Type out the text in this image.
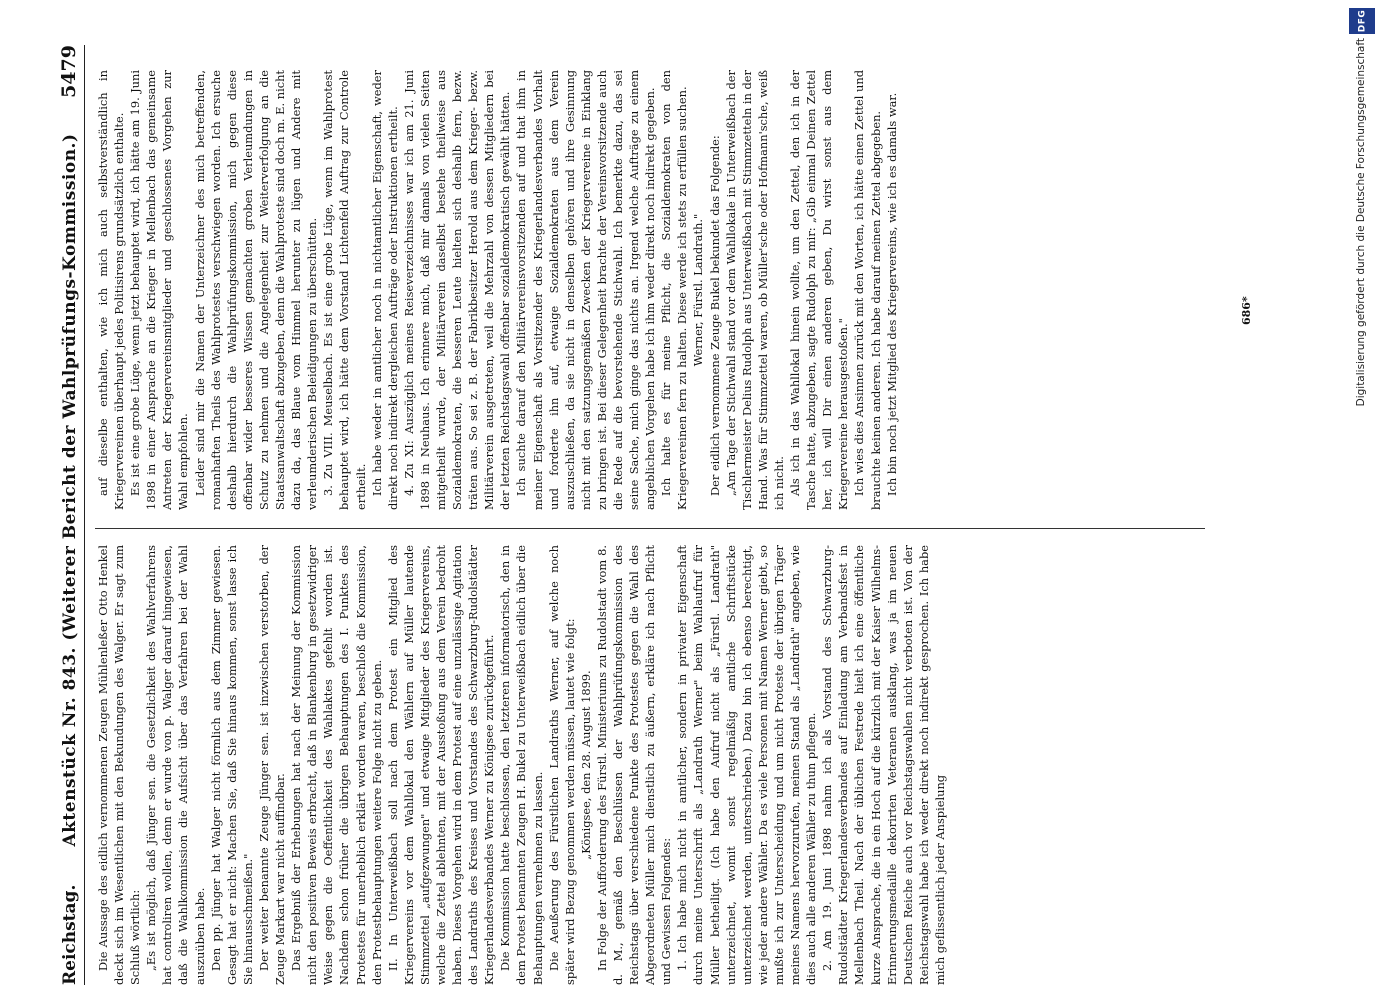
Reichstag.
Aktenstück Nr. 843. (Weiterer Bericht der Wahlprüfungs-Kommission.)
5479

Die Aussage des eidlich vernommenen Zeugen Mühlenleßer Otto Henkel deckt sich im Wesentlichen mit den Bekundungen des Walger. Er sagt zum Schluß wörtlich: „Es ist möglich, daß Jünger sen. die Gesetzlichkeit des Wahlverfahrens hat controliren wollen, denn er wurde von p. Walger darauf hingewiesen, daß die Wahlkommission die Aufsicht über das Verfahren bei der Wahl auszuüben habe. Den pp. Jünger hat Walger nicht förmlich aus dem Zimmer gewiesen. Gesagt hat er nicht: Machen Sie, daß Sie hinaus kommen, sonst lasse ich Sie hinausschmeißen." Der weiter benannte Zeuge Jünger sen. ist inzwischen verstorben, der Zeuge Markart war nicht auffindbar. Das Ergebniß der Erhebungen hat nach der Meinung der Kommission nicht den positiven Beweis erbracht, daß in Blankenburg in gesetzwidriger Weise gegen die Oeffentlichkeit des Wahlaktes gefehlt worden ist. Nachdem schon früher die übrigen Behauptungen des I. Punktes des Protestes für unerheblich erklärt worden waren, beschloß die Kommission, den Protestbehauptungen weitere Folge nicht zu geben. II. In Unterweißbach soll nach dem Protest ein Mitglied des Kriegervereins vor dem Wahllokal den Wählern auf Müller lautende Stimmzettel „aufgezwungen" und etwaige Mitglieder des Kriegervereins, welche die Zettel ablehnten, mit der Ausstoßung aus dem Verein bedroht haben. Dieses Vorgehen wird in dem Protest auf eine unzulässige Agitation des Landraths des Kreises und Vorstandes des Schwarzburg-Rudolstädter Kriegerlandesverbandes Werner zu Königsee zurückgeführt. Die Kommission hatte beschlossen, den letzteren informatorisch, den in dem Protest benannten Zeugen H. Bukel zu Unterweißbach eidlich über die Behauptungen vernehmen zu lassen. Die Aeußerung des Fürstlichen Landraths Werner, auf welche noch später wird Bezug genommen werden müssen, lautet wie folgt: „Königsee, den 28. August 1899. In Folge der Aufforderung des Fürstl. Ministeriums zu Rudolstadt vom 8. d. M., gemäß den Beschlüssen der Wahlprüfungskommission des Reichstags über verschiedene Punkte des Protestes gegen die Wahl des Abgeordneten Müller mich dienstlich zu äußern, erkläre ich nach Pflicht und Gewissen Folgendes: 1. Ich habe mich nicht in amtlicher, sondern in privater Eigenschaft durch meine Unterschrift als „Landrath Werner" beim Wahlaufruf für Müller betheiligt. (Ich habe den Aufruf nicht als „Fürstl. Landrath" unterzeichnet, womit sonst regelmäßig amtliche Schriftstücke unterzeichnet werden, unterschrieben.) Dazu bin ich ebenso berechtigt, wie jeder andere Wähler. Da es viele Personen mit Namen Werner giebt, so mußte ich zur Unterscheidung und um nicht Proteste der übrigen Träger meines Namens hervorzurufen, meinen Stand als „Landrath" angeben, wie dies auch alle anderen Wähler zu thun pflegen. 2. Am 19. Juni 1898 nahm ich als Vorstand des Schwarzburg-Rudolstädter Kriegerlandesverbandes auf Einladung am Verbandsfest in Mellenbach Theil. Nach der üblichen Festrede hielt ich eine öffentliche kurze Ansprache, die in ein Hoch auf die kürzlich mit der Kaiser Wilhelms-Erinnerungsmedaille dekorirten Veteranen ausklang, was ja im neuen Deutschen Reiche auch vor Reichstagswahlen nicht verboten ist. Von der Reichstagswahl habe ich weder direkt noch indirekt gesprochen. Ich habe mich geflissentlich jeder Anspielung

auf dieselbe enthalten, wie ich mich auch selbstverständlich in Kriegervereinen überhaupt jedes Politisirens grundsätzlich enthalte. Es ist eine grobe Lüge, wenn jetzt behauptet wird, ich hätte am 19. Juni 1898 in einer Ansprache an die Krieger in Mellenbach das gemeinsame Antreten der Kriegervereinsmitglieder und geschlossenes Vorgehen zur Wahl empfohlen. Leider sind mir die Namen der Unterzeichner des mich betreffenden, romanhaften Theils des Wahlprotestes verschwiegen worden. Ich ersuche deshalb hierdurch die Wahlprüfungskommission, mich gegen diese offenbar wider besseres Wissen gemachten groben Verleumdungen in Schutz zu nehmen und die Angelegenheit zur Weiterverfolgung an die Staatsanwaltschaft abzugeben, denn die Wahlproteste sind doch m. E. nicht dazu da, das Blaue vom Himmel herunter zu lügen und Andere mit verleumderischen Beleidigungen zu überschütten. 3. Zu VIII. Meuselbach. Es ist eine grobe Lüge, wenn im Wahlprotest behauptet wird, ich hätte dem Vorstand Lichtenfeld Auftrag zur Controle ertheilt. Ich habe weder in amtlicher noch in nichtamtlicher Eigenschaft, weder direkt noch indirekt dergleichen Aufträge oder Instruktionen ertheilt. 4. Zu XI: Auszüglich meines Reiseverzeichnisses war ich am 21. Juni 1898 in Neuhaus. Ich erinnere mich, daß mir damals von vielen Seiten mitgetheilt wurde, der Militärverein daselbst bestehe theilweise aus Sozialdemokraten, die besseren Leute hielten sich deshalb fern, bezw. träten aus. So sei z. B. der Fabrikbesitzer Herold aus dem Krieger- bezw. Militärverein ausgetreten, weil die Mehrzahl von dessen Mitgliedern bei der letzten Reichstagswahl offenbar sozialdemokratisch gewählt hätten. Ich suchte darauf den Militärvereinsvorsitzenden auf und that ihm in meiner Eigenschaft als Vorsitzender des Kriegerlandesverbandes Vorhalt und forderte ihn auf, etwaige Sozialdemokraten aus dem Verein auszuschließen, da sie nicht in denselben gehören und ihre Gesinnung nicht mit den satzungsgemäßen Zwecken der Kriegervereine in Einklang zu bringen ist. Bei dieser Gelegenheit brachte der Vereinsvorsitzende auch die Rede auf die bevorstehende Stichwahl. Ich bemerkte dazu, das sei seine Sache, mich ginge das nichts an. Irgend welche Aufträge zu einem angeblichen Vorgehen habe ich ihm weder direkt noch indirekt gegeben. Ich halte es für meine Pflicht, die Sozialdemokraten von den Kriegervereinen fern zu halten. Diese werde ich stets zu erfüllen suchen. Werner, Fürstl. Landrath." Der eidlich vernommene Zeuge Bukel bekundet das Folgende: „Am Tage der Stichwahl stand vor dem Wahllokale in Unterweißbach der Tischlermeister Delius Rudolph aus Unterweißbach mit Stimmzetteln in der Hand. Was für Stimmzettel waren, ob Müller'sche oder Hofmann'sche, weiß ich nicht. Als ich in das Wahllokal hinein wollte, um den Zettel, den ich in der Tasche hatte, abzugeben, sagte Rudolph zu mir: „Gib einmal Deinen Zettel her, ich will Dir einen anderen geben, Du wirst sonst aus dem Kriegervereine herausgestoßen." Ich wies dies Ansinnen zurück mit den Worten, ich hätte einen Zettel und brauchte keinen anderen. Ich habe darauf meinen Zettel abgegeben. Ich bin noch jetzt Mitglied des Kriegervereins, wie ich es damals war.	686*
DFG
Digitalisierung gefördert durch die Deutsche Forschungsgemeinschaft
